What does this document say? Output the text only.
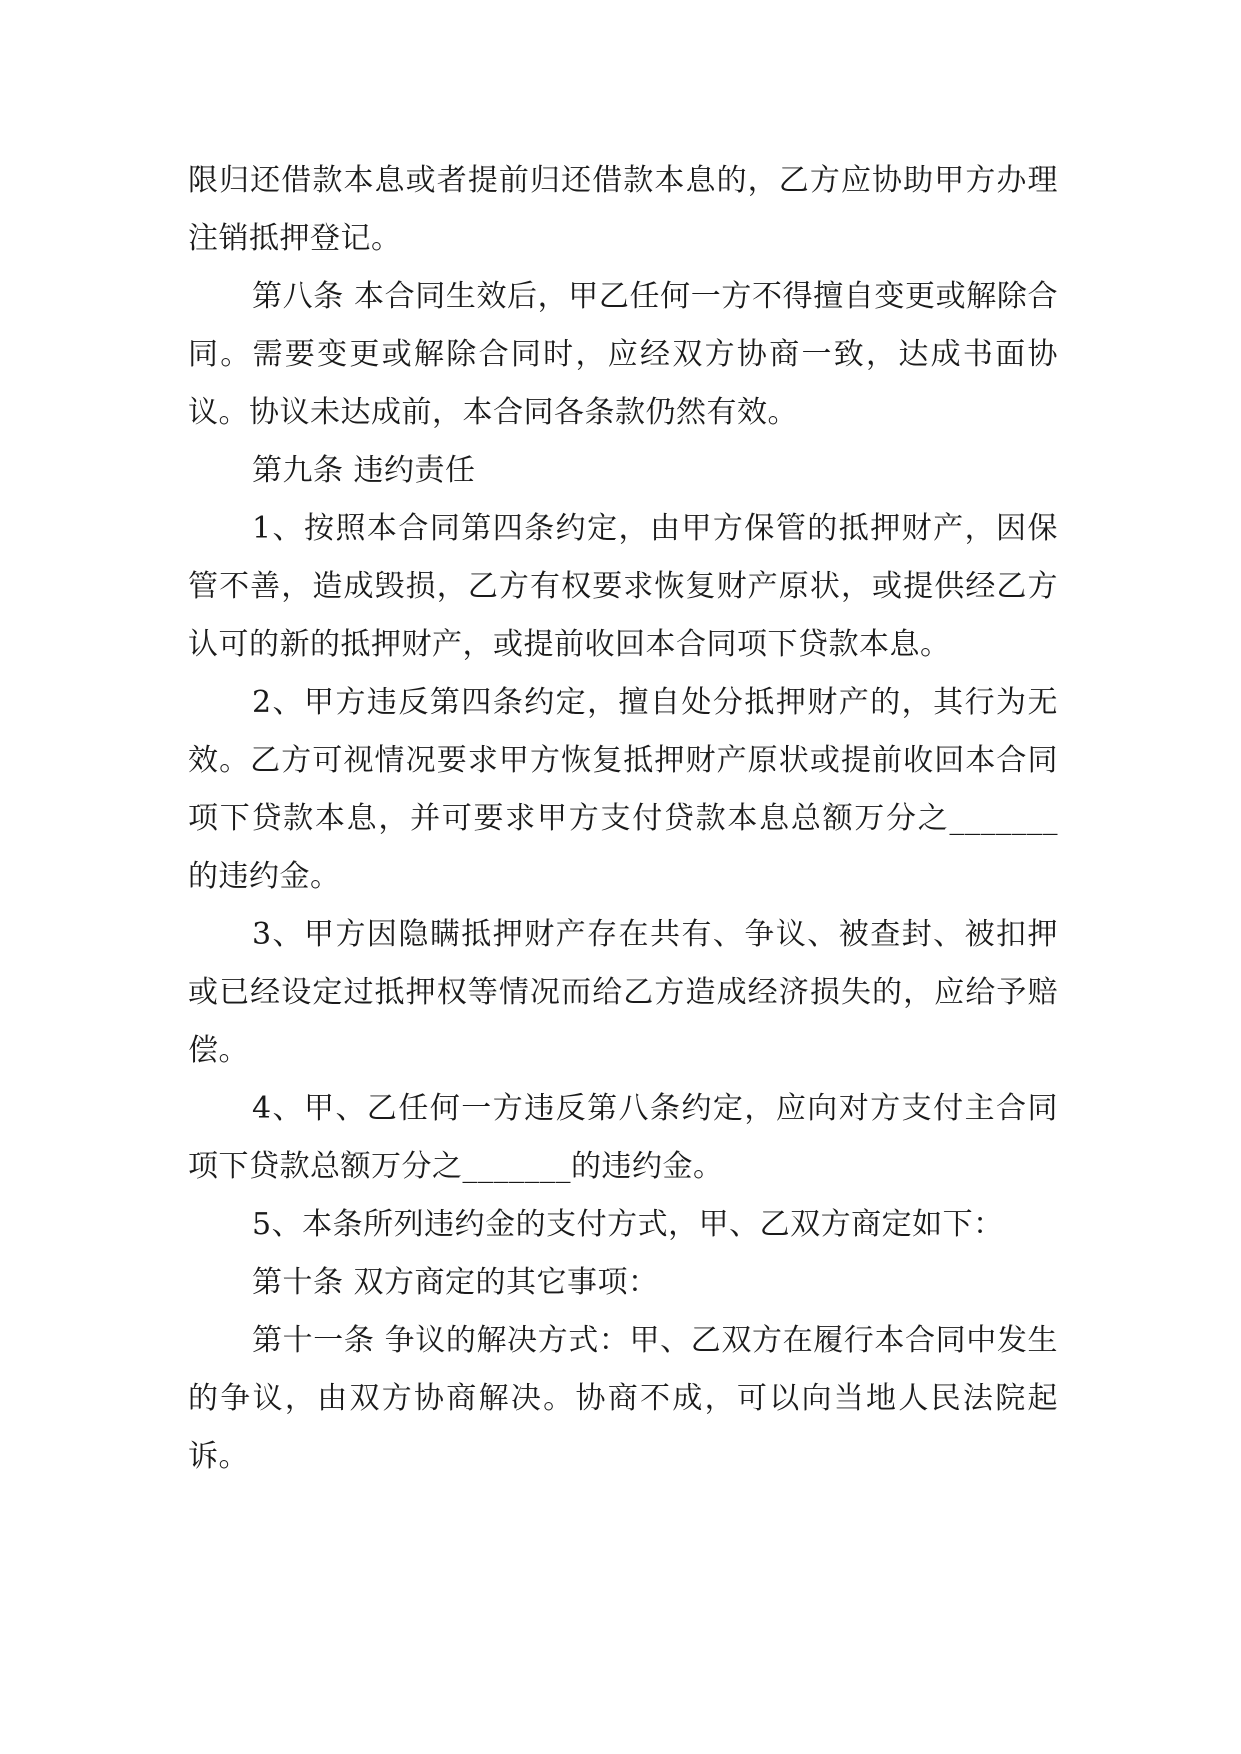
限归还借款本息或者提前归还借款本息的，乙方应协助甲方办理注销抵押登记。

第八条 本合同生效后，甲乙任何一方不得擅自变更或解除合同。需要变更或解除合同时，应经双方协商一致，达成书面协议。协议未达成前，本合同各条款仍然有效。

第九条 违约责任

1、按照本合同第四条约定，由甲方保管的抵押财产，因保管不善，造成毁损，乙方有权要求恢复财产原状，或提供经乙方认可的新的抵押财产，或提前收回本合同项下贷款本息。

2、甲方违反第四条约定，擅自处分抵押财产的，其行为无效。乙方可视情况要求甲方恢复抵押财产原状或提前收回本合同项下贷款本息，并可要求甲方支付贷款本息总额万分之_______的违约金。

3、甲方因隐瞒抵押财产存在共有、争议、被查封、被扣押或已经设定过抵押权等情况而给乙方造成经济损失的，应给予赔偿。

4、甲、乙任何一方违反第八条约定，应向对方支付主合同项下贷款总额万分之_______的违约金。

5、本条所列违约金的支付方式，甲、乙双方商定如下：

第十条 双方商定的其它事项：

第十一条 争议的解决方式：甲、乙双方在履行本合同中发生的争议，由双方协商解决。协商不成，可以向当地人民法院起诉。
